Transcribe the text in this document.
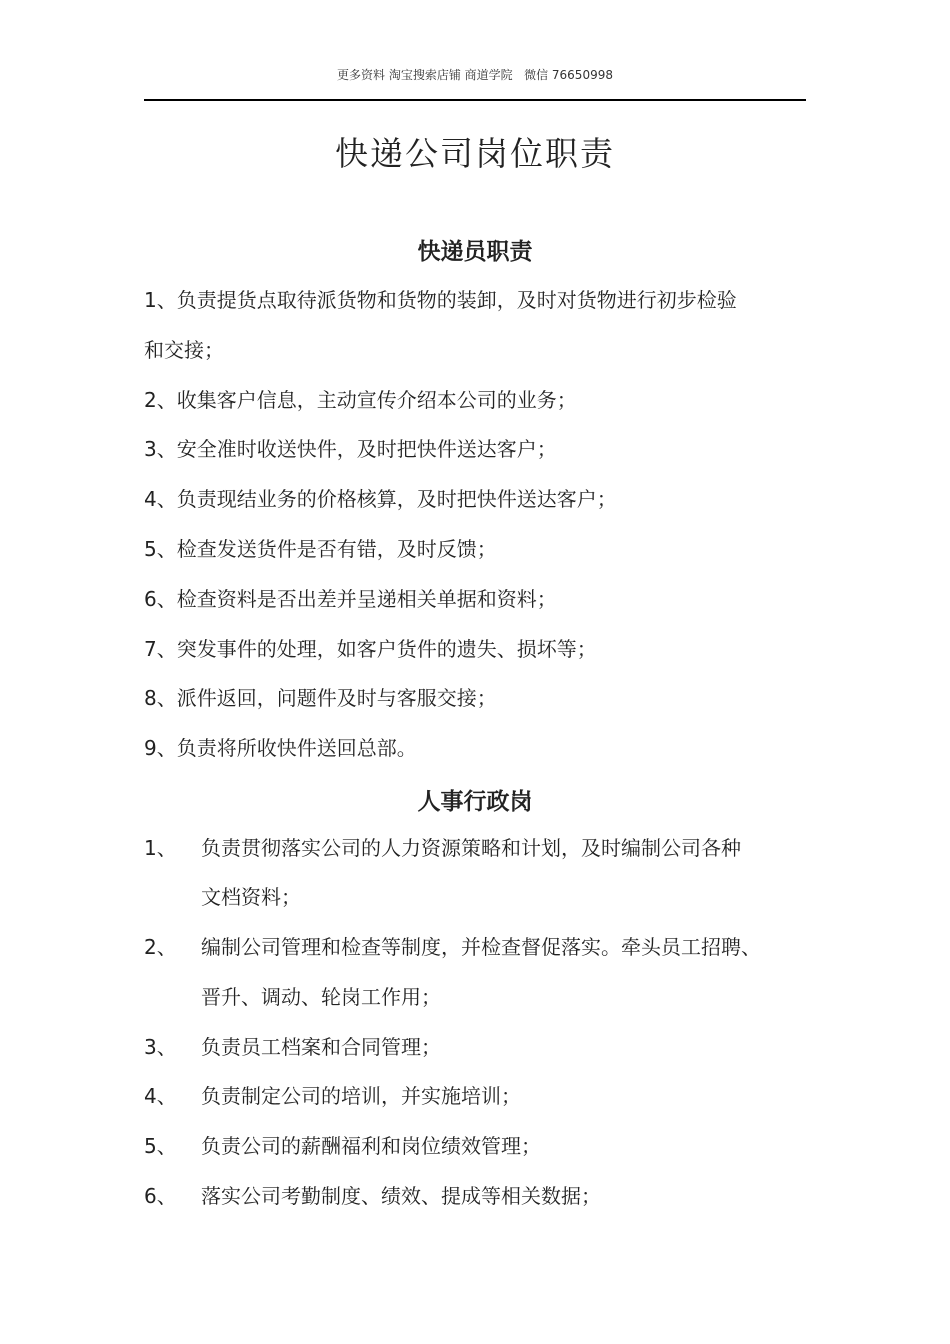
更多资料 淘宝搜索店铺 商道学院   微信 76650998
快递公司岗位职责
快递员职责
1、负责提货点取待派货物和货物的装卸，及时对货物进行初步检验
和交接；
2、收集客户信息，主动宣传介绍本公司的业务；
3、安全准时收送快件，及时把快件送达客户；
4、负责现结业务的价格核算，及时把快件送达客户；
5、检查发送货件是否有错，及时反馈；
6、检查资料是否出差并呈递相关单据和资料；
7、突发事件的处理，如客户货件的遗失、损坏等；
8、派件返回，问题件及时与客服交接；
9、负责将所收快件送回总部。
人事行政岗
1、 负责贯彻落实公司的人力资源策略和计划，及时编制公司各种
文档资料；
2、 编制公司管理和检查等制度，并检查督促落实。牵头员工招聘、
晋升、调动、轮岗工作用；
3、 负责员工档案和合同管理；
4、 负责制定公司的培训，并实施培训；
5、 负责公司的薪酬福利和岗位绩效管理；
6、 落实公司考勤制度、绩效、提成等相关数据；
